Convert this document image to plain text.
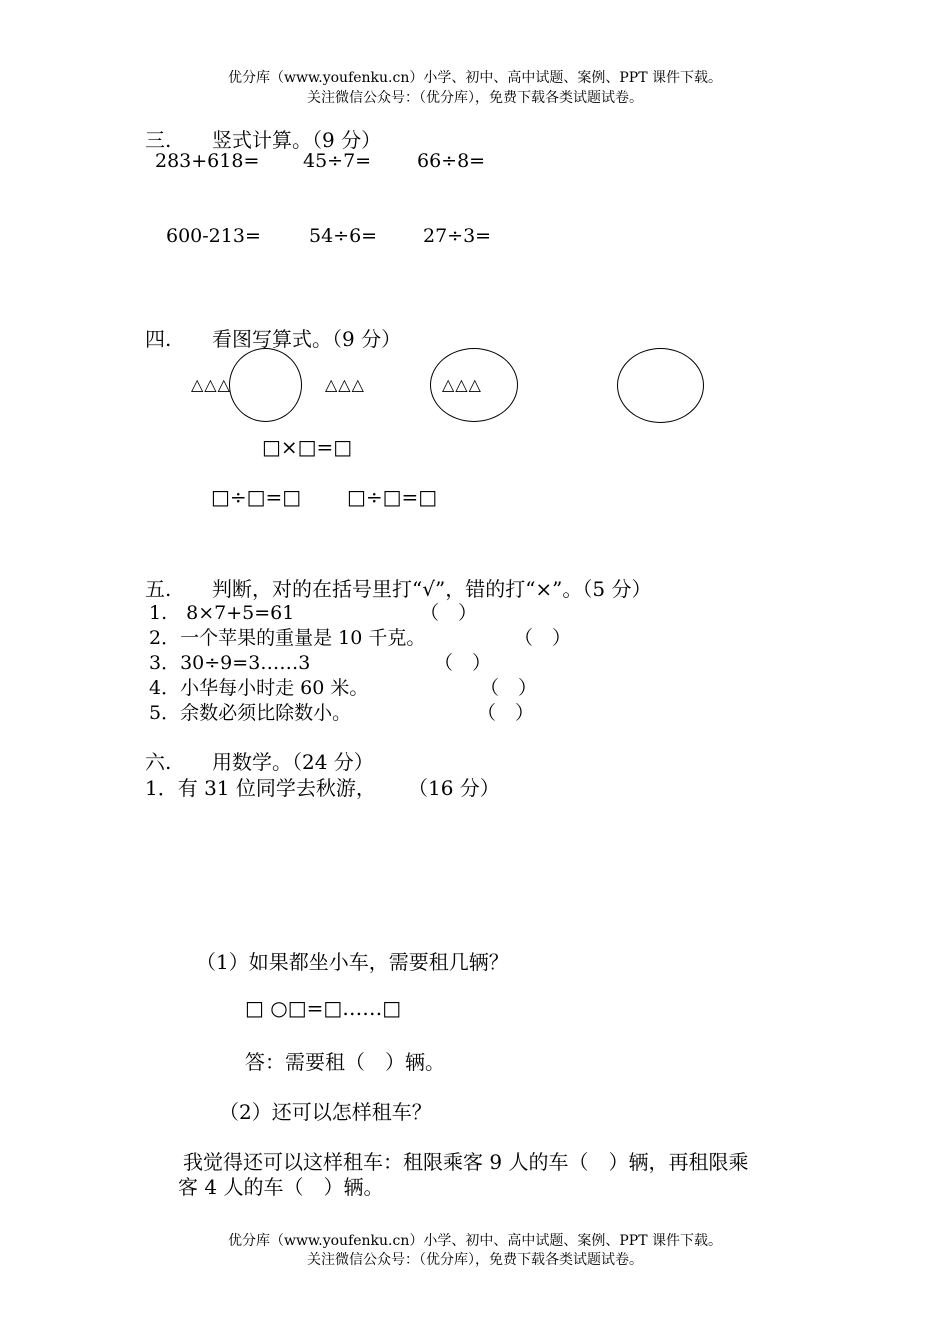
优分库（www.youfenku.cn）小学、初中、高中试题、案例、PPT 课件下载。
关注微信公众号：（优分库），免费下载各类试题试卷。
三. 竖式计算。（9 分）
283+618= 45÷7= 66÷8=
600-213=	54÷6= 27÷3=
四. 看图写算式。（9 分）
△△△	△△△	△△△
□×□=□
□÷□=□ □÷□=□
五. 判断，对的在括号里打“√”，错的打“×”。（5 分）
1.　8×7+5=61	（　）
2．一个苹果的重量是 10 千克。	（　）
3．30÷9=3……3	（　）
4．小华每小时走 60 米。	（　）
5．余数必须比除数小。	（　）
六. 用数学。（24 分）
1．有 31 位同学去秋游， （16 分）
（1）如果都坐小车，需要租几辆？
□ ○□=□……□
答：需要租（　）辆。
（2）还可以怎样租车？
我觉得还可以这样租车：租限乘客 9 人的车（　）辆，再租限乘
客 4 人的车（　）辆。
优分库（www.youfenku.cn）小学、初中、高中试题、案例、PPT 课件下载。
关注微信公众号：（优分库），免费下载各类试题试卷。
